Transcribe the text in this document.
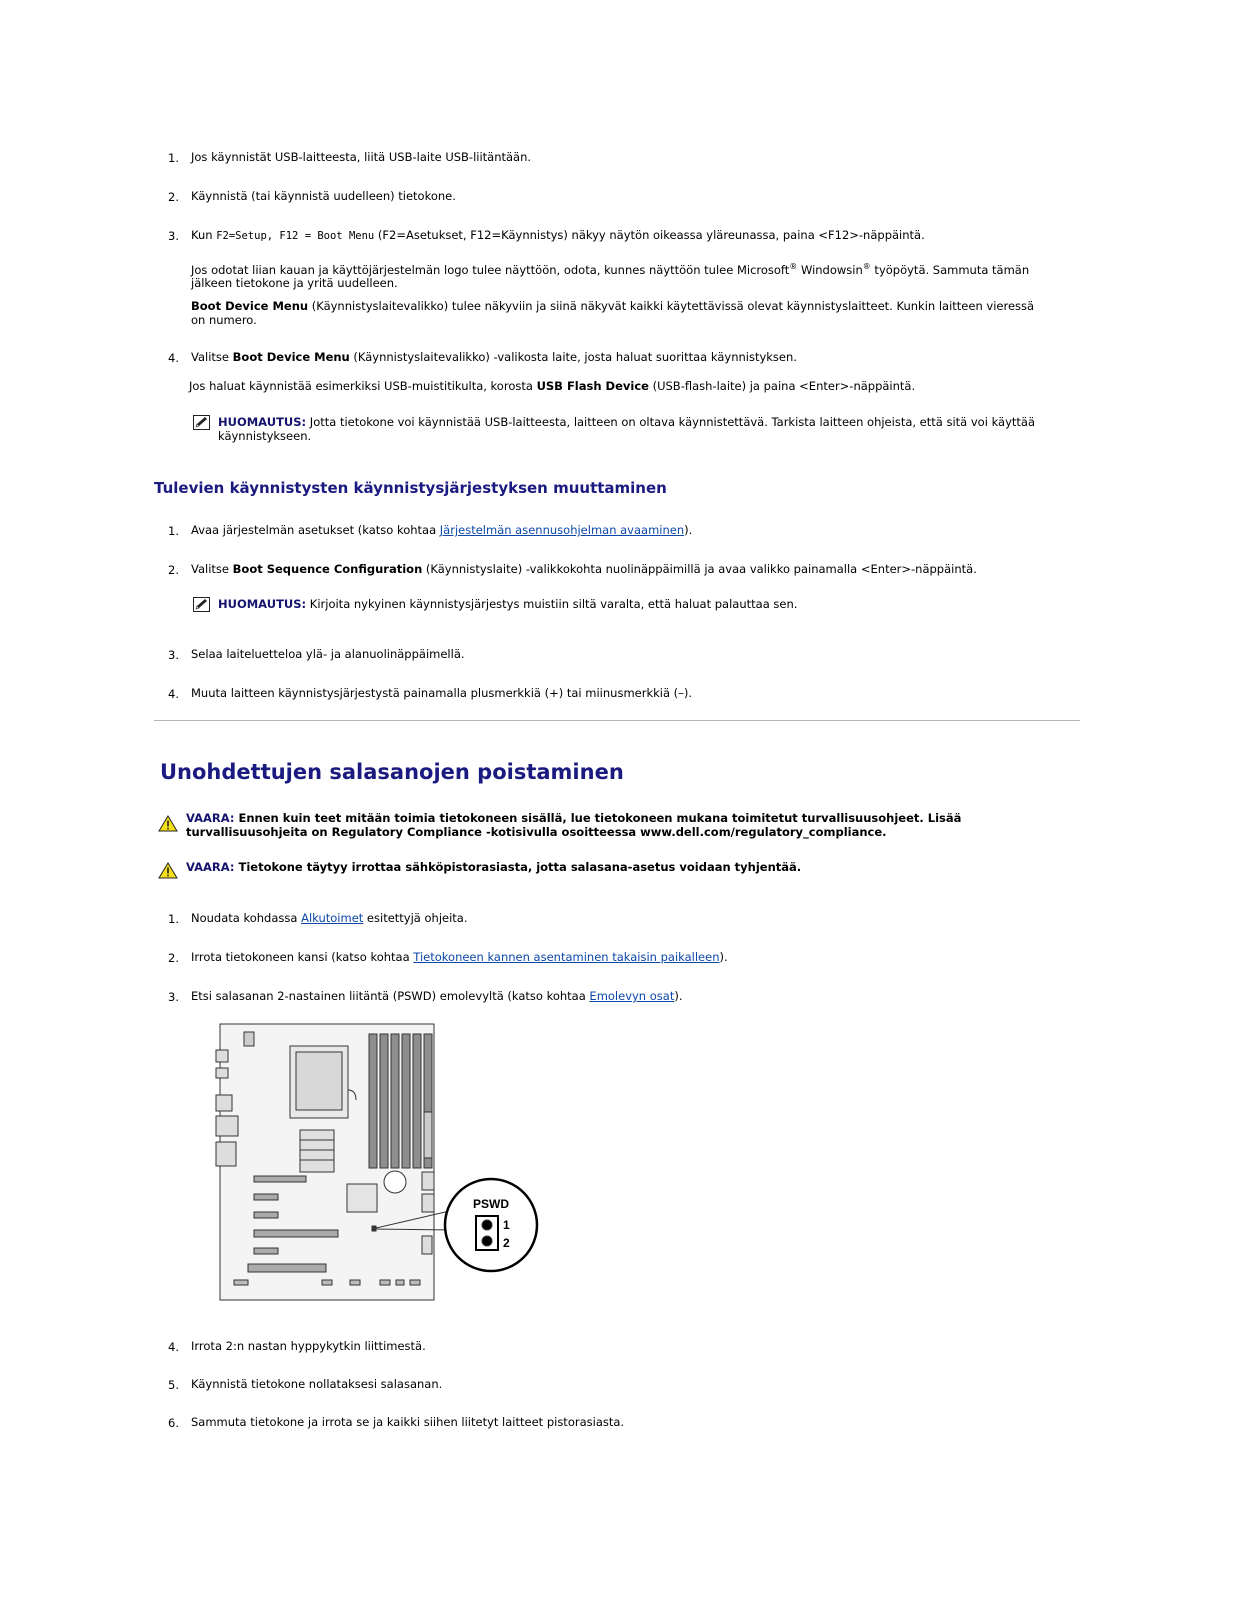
1.	Jos käynnistät USB-laitteesta, liitä USB-laite USB-liitäntään.
2.	Käynnistä (tai käynnistä uudelleen) tietokone.
3.	Kun F2=Setup, F12 = Boot Menu (F2=Asetukset, F12=Käynnistys) näkyy näytön oikeassa yläreunassa, paina <F12>-näppäintä.
Jos odotat liian kauan ja käyttöjärjestelmän logo tulee näyttöön, odota, kunnes näyttöön tulee Microsoft® Windowsin® työpöytä. Sammuta tämän jälkeen tietokone ja yritä uudelleen.
Boot Device Menu (Käynnistyslaitevalikko) tulee näkyviin ja siinä näkyvät kaikki käytettävissä olevat käynnistyslaitteet. Kunkin laitteen vieressä on numero.
4.	Valitse Boot Device Menu (Käynnistyslaitevalikko) -valikosta laite, josta haluat suorittaa käynnistyksen.
Jos haluat käynnistää esimerkiksi USB-muistitikulta, korosta USB Flash Device (USB-flash-laite) ja paina <Enter>-näppäintä.
HUOMAUTUS: Jotta tietokone voi käynnistää USB-laitteesta, laitteen on oltava käynnistettävä. Tarkista laitteen ohjeista, että sitä voi käyttää käynnistykseen.
Tulevien käynnistysten käynnistysjärjestyksen muuttaminen
1.	Avaa järjestelmän asetukset (katso kohtaa Järjestelmän asennusohjelman avaaminen).
2.	Valitse Boot Sequence Configuration (Käynnistyslaite) -valikkokohta nuolinäppäimillä ja avaa valikko painamalla <Enter>-näppäintä.
HUOMAUTUS: Kirjoita nykyinen käynnistysjärjestys muistiin siltä varalta, että haluat palauttaa sen.
3.	Selaa laiteluetteloa ylä- ja alanuolinäppäimellä.
4.	Muuta laitteen käynnistysjärjestystä painamalla plusmerkkiä (+) tai miinusmerkkiä (–).
Unohdettujen salasanojen poistaminen
VAARA: Ennen kuin teet mitään toimia tietokoneen sisällä, lue tietokoneen mukana toimitetut turvallisuusohjeet. Lisää turvallisuusohjeita on Regulatory Compliance -kotisivulla osoitteessa www.dell.com/regulatory_compliance.
VAARA: Tietokone täytyy irrottaa sähköpistorasiasta, jotta salasana-asetus voidaan tyhjentää.
1.	Noudata kohdassa Alkutoimet esitettyjä ohjeita.
2.	Irrota tietokoneen kansi (katso kohtaa Tietokoneen kannen asentaminen takaisin paikalleen).
3.	Etsi salasanan 2-nastainen liitäntä (PSWD) emolevyltä (katso kohtaa Emolevyn osat).
PSWD
1
2
4.	Irrota 2:n nastan hyppykytkin liittimestä.
5.	Käynnistä tietokone nollataksesi salasanan.
6.	Sammuta tietokone ja irrota se ja kaikki siihen liitetyt laitteet pistorasiasta.
